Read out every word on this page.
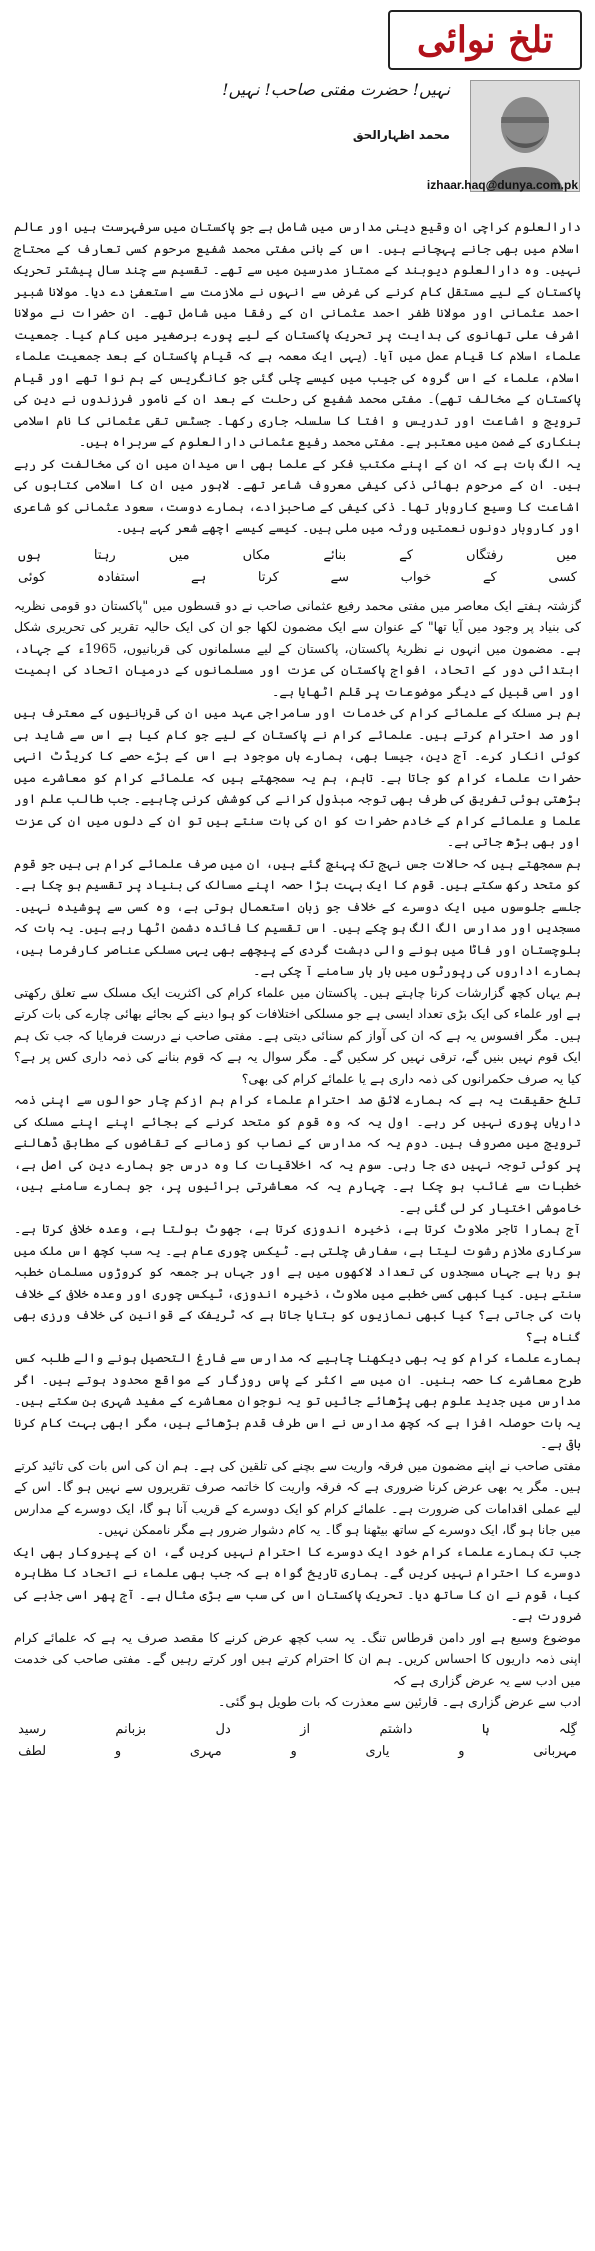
تلخ نوائی
نہیں! حضرت مفتی صاحب! نہیں!
محمد اظہارالحق
izhaar.haq@dunya.com.pk

دارالعلوم کراچی ان وقیع دینی مدارس میں شامل ہے جو پاکستان میں سرفہرست ہیں اور عالم اسلام میں بھی جانے پہچانے ہیں۔ اس کے بانی مفتی محمد شفیع مرحوم کسی تعارف کے محتاج نہیں۔ وہ دارالعلوم دیوبند کے ممتاز مدرسین میں سے تھے۔ تقسیم سے چند سال پیشتر تحریک پاکستان کے لیے مستقل کام کرنے کی غرض سے انہوں نے ملازمت سے استعفیٰ دے دیا۔ مولانا شبیر احمد عثمانی اور مولانا ظفر احمد عثمانی ان کے رفقا میں شامل تھے۔ ان حضرات نے مولانا اشرف علی تھانوی کی ہدایت پر تحریک پاکستان کے لیے پورے برصغیر میں کام کیا۔ جمعیت علماء اسلام کا قیام عمل میں آیا۔ (یہی ایک معمہ ہے کہ قیام پاکستان کے بعد جمعیت علماء اسلام، علماء کے اس گروہ کی جیب میں کیسے چلی گئی جو کانگریس کے ہم نوا تھے اور قیام پاکستان کے مخالف تھے)۔ مفتی محمد شفیع کی رحلت کے بعد ان کے نامور فرزندوں نے دین کی ترویج و اشاعت اور تدریس و افتا کا سلسلہ جاری رکھا۔ جسٹس تقی عثمانی کا نام اسلامی بنکاری کے ضمن میں معتبر ہے۔ مفتی محمد رفیع عثمانی دارالعلوم کے سربراہ ہیں۔

یہ الگ بات ہے کہ ان کے اپنے مکتبِ فکر کے علما بھی اس میدان میں ان کی مخالفت کر رہے ہیں۔ ان کے مرحوم بھائی ذکی کیفی معروف شاعر تھے۔ لاہور میں ان کا اسلامی کتابوں کی اشاعت کا وسیع کاروبار تھا۔ ذکی کیفی کے صاحبزادے، ہمارے دوست، سعود عثمانی کو شاعری اور کاروبار دونوں نعمتیں ورثہ میں ملی ہیں۔ کیسے کیسے اچھے شعر کہے ہیں۔

میں
رفتگاں
کے
بنائے
مکاں
میں
رہتا
ہوں
کسی
کے
خواب
سے
کرتا
ہے
استفادہ
کوئی

گزشتہ ہفتے ایک معاصر میں مفتی محمد رفیع عثمانی صاحب نے دو قسطوں میں "پاکستان دو قومی نظریہ کی بنیاد پر وجود میں آیا تھا" کے عنوان سے ایک مضمون لکھا جو ان کی ایک حالیہ تقریر کی تحریری شکل ہے۔ مضمون میں انہوں نے نظریۂ پاکستان، پاکستان کے لیے مسلمانوں کی قربانیوں، 1965ء کے جہاد، ابتدائی دور کے اتحاد، افواج پاکستان کی عزت اور مسلمانوں کے درمیان اتحاد کی اہمیت اور اسی قبیل کے دیگر موضوعات پر قلم اٹھایا ہے۔

ہم ہر مسلک کے علمائے کرام کی خدمات اور سامراجی عہد میں ان کی قربانیوں کے معترف ہیں اور صد احترام کرتے ہیں۔ علمائے کرام نے پاکستان کے لیے جو کام کیا ہے اس سے شاید ہی کوئی انکار کرے۔ آج دین، جیسا بھی، ہمارے ہاں موجود ہے اس کے بڑے حصے کا کریڈٹ انہی حضرات علماء کرام کو جاتا ہے۔ تاہم، ہم یہ سمجھتے ہیں کہ علمائے کرام کو معاشرے میں بڑھتی ہوئی تفریق کی طرف بھی توجہ مبذول کرانے کی کوشش کرنی چاہیے۔ جب طالب علم اور علما و علمائے کرام کے خادم حضرات کو ان کی بات سنتے ہیں تو ان کے دلوں میں ان کی عزت اور بھی بڑھ جاتی ہے۔

ہم سمجھتے ہیں کہ حالات جس نہج تک پہنچ گئے ہیں، ان میں صرف علمائے کرام ہی ہیں جو قوم کو متحد رکھ سکتے ہیں۔ قوم کا ایک بہت بڑا حصہ اپنے مسالک کی بنیاد پر تقسیم ہو چکا ہے۔ جلسے جلوسوں میں ایک دوسرے کے خلاف جو زبان استعمال ہوتی ہے، وہ کسی سے پوشیدہ نہیں۔ مسجدیں اور مدارس الگ الگ ہو چکے ہیں۔ اس تقسیم کا فائدہ دشمن اٹھا رہے ہیں۔ یہ بات کہ بلوچستان اور فاٹا میں ہونے والی دہشت گردی کے پیچھے بھی یہی مسلکی عناصر کارفرما ہیں، ہمارے اداروں کی رپورٹوں میں بار بار سامنے آ چکی ہے۔

ہم یہاں کچھ گزارشات کرنا چاہتے ہیں۔ پاکستان میں علماء کرام کی اکثریت ایک مسلک سے تعلق رکھتی ہے اور علماء کی ایک بڑی تعداد ایسی ہے جو مسلکی اختلافات کو ہوا دینے کے بجائے بھائی چارے کی بات کرتے ہیں۔ مگر افسوس یہ ہے کہ ان کی آواز کم سنائی دیتی ہے۔ مفتی صاحب نے درست فرمایا کہ جب تک ہم ایک قوم نہیں بنیں گے، ترقی نہیں کر سکیں گے۔ مگر سوال یہ ہے کہ قوم بنانے کی ذمہ داری کس پر ہے؟ کیا یہ صرف حکمرانوں کی ذمہ داری ہے یا علمائے کرام کی بھی؟

تلخ حقیقت یہ ہے کہ ہمارے لائق صد احترام علماء کرام ہم ازکم چار حوالوں سے اپنی ذمہ داریاں پوری نہیں کر رہے۔ اول یہ کہ وہ قوم کو متحد کرنے کے بجائے اپنے اپنے مسلک کی ترویج میں مصروف ہیں۔ دوم یہ کہ مدارس کے نصاب کو زمانے کے تقاضوں کے مطابق ڈھالنے پر کوئی توجہ نہیں دی جا رہی۔ سوم یہ کہ اخلاقیات کا وہ درس جو ہمارے دین کی اصل ہے، خطبات سے غائب ہو چکا ہے۔ چہارم یہ کہ معاشرتی برائیوں پر، جو ہمارے سامنے ہیں، خاموشی اختیار کر لی گئی ہے۔

آج ہمارا تاجر ملاوٹ کرتا ہے، ذخیرہ اندوزی کرتا ہے، جھوٹ بولتا ہے، وعدہ خلافی کرتا ہے۔ سرکاری ملازم رشوت لیتا ہے، سفارش چلتی ہے۔ ٹیکس چوری عام ہے۔ یہ سب کچھ اس ملک میں ہو رہا ہے جہاں مسجدوں کی تعداد لاکھوں میں ہے اور جہاں ہر جمعہ کو کروڑوں مسلمان خطبہ سنتے ہیں۔ کیا کبھی کسی خطبے میں ملاوٹ، ذخیرہ اندوزی، ٹیکس چوری اور وعدہ خلافی کے خلاف بات کی جاتی ہے؟ کیا کبھی نمازیوں کو بتایا جاتا ہے کہ ٹریفک کے قوانین کی خلاف ورزی بھی گناہ ہے؟

ہمارے علماء کرام کو یہ بھی دیکھنا چاہیے کہ مدارس سے فارغ التحصیل ہونے والے طلبہ کس طرح معاشرے کا حصہ بنیں۔ ان میں سے اکثر کے پاس روزگار کے مواقع محدود ہوتے ہیں۔ اگر مدارس میں جدید علوم بھی پڑھائے جائیں تو یہ نوجوان معاشرے کے مفید شہری بن سکتے ہیں۔ یہ بات حوصلہ افزا ہے کہ کچھ مدارس نے اس طرف قدم بڑھائے ہیں، مگر ابھی بہت کام کرنا باقی ہے۔

مفتی صاحب نے اپنے مضمون میں فرقہ واریت سے بچنے کی تلقین کی ہے۔ ہم ان کی اس بات کی تائید کرتے ہیں۔ مگر یہ بھی عرض کرنا ضروری ہے کہ فرقہ واریت کا خاتمہ صرف تقریروں سے نہیں ہو گا۔ اس کے لیے عملی اقدامات کی ضرورت ہے۔ علمائے کرام کو ایک دوسرے کے قریب آنا ہو گا، ایک دوسرے کے مدارس میں جانا ہو گا، ایک دوسرے کے ساتھ بیٹھنا ہو گا۔ یہ کام دشوار ضرور ہے مگر ناممکن نہیں۔

جب تک ہمارے علماء کرام خود ایک دوسرے کا احترام نہیں کریں گے، ان کے پیروکار بھی ایک دوسرے کا احترام نہیں کریں گے۔ ہماری تاریخ گواہ ہے کہ جب بھی علماء نے اتحاد کا مظاہرہ کیا، قوم نے ان کا ساتھ دیا۔ تحریک پاکستان اس کی سب سے بڑی مثال ہے۔ آج پھر اسی جذبے کی ضرورت ہے۔

موضوع وسیع ہے اور دامن قرطاس تنگ۔ یہ سب کچھ عرض کرنے کا مقصد صرف یہ ہے کہ علمائے کرام اپنی ذمہ داریوں کا احساس کریں۔ ہم ان کا احترام کرتے ہیں اور کرتے رہیں گے۔ مفتی صاحب کی خدمت میں ادب سے یہ عرض گزاری ہے کہ

ادب سے عرض گزاری ہے۔ قارئین سے معذرت کہ بات طویل ہو گئی۔

گِلہ
ہا
داشتم
از
دل
بزبانم
رسید
مہربانی
و
یاری
و
مہری
و
لطف
